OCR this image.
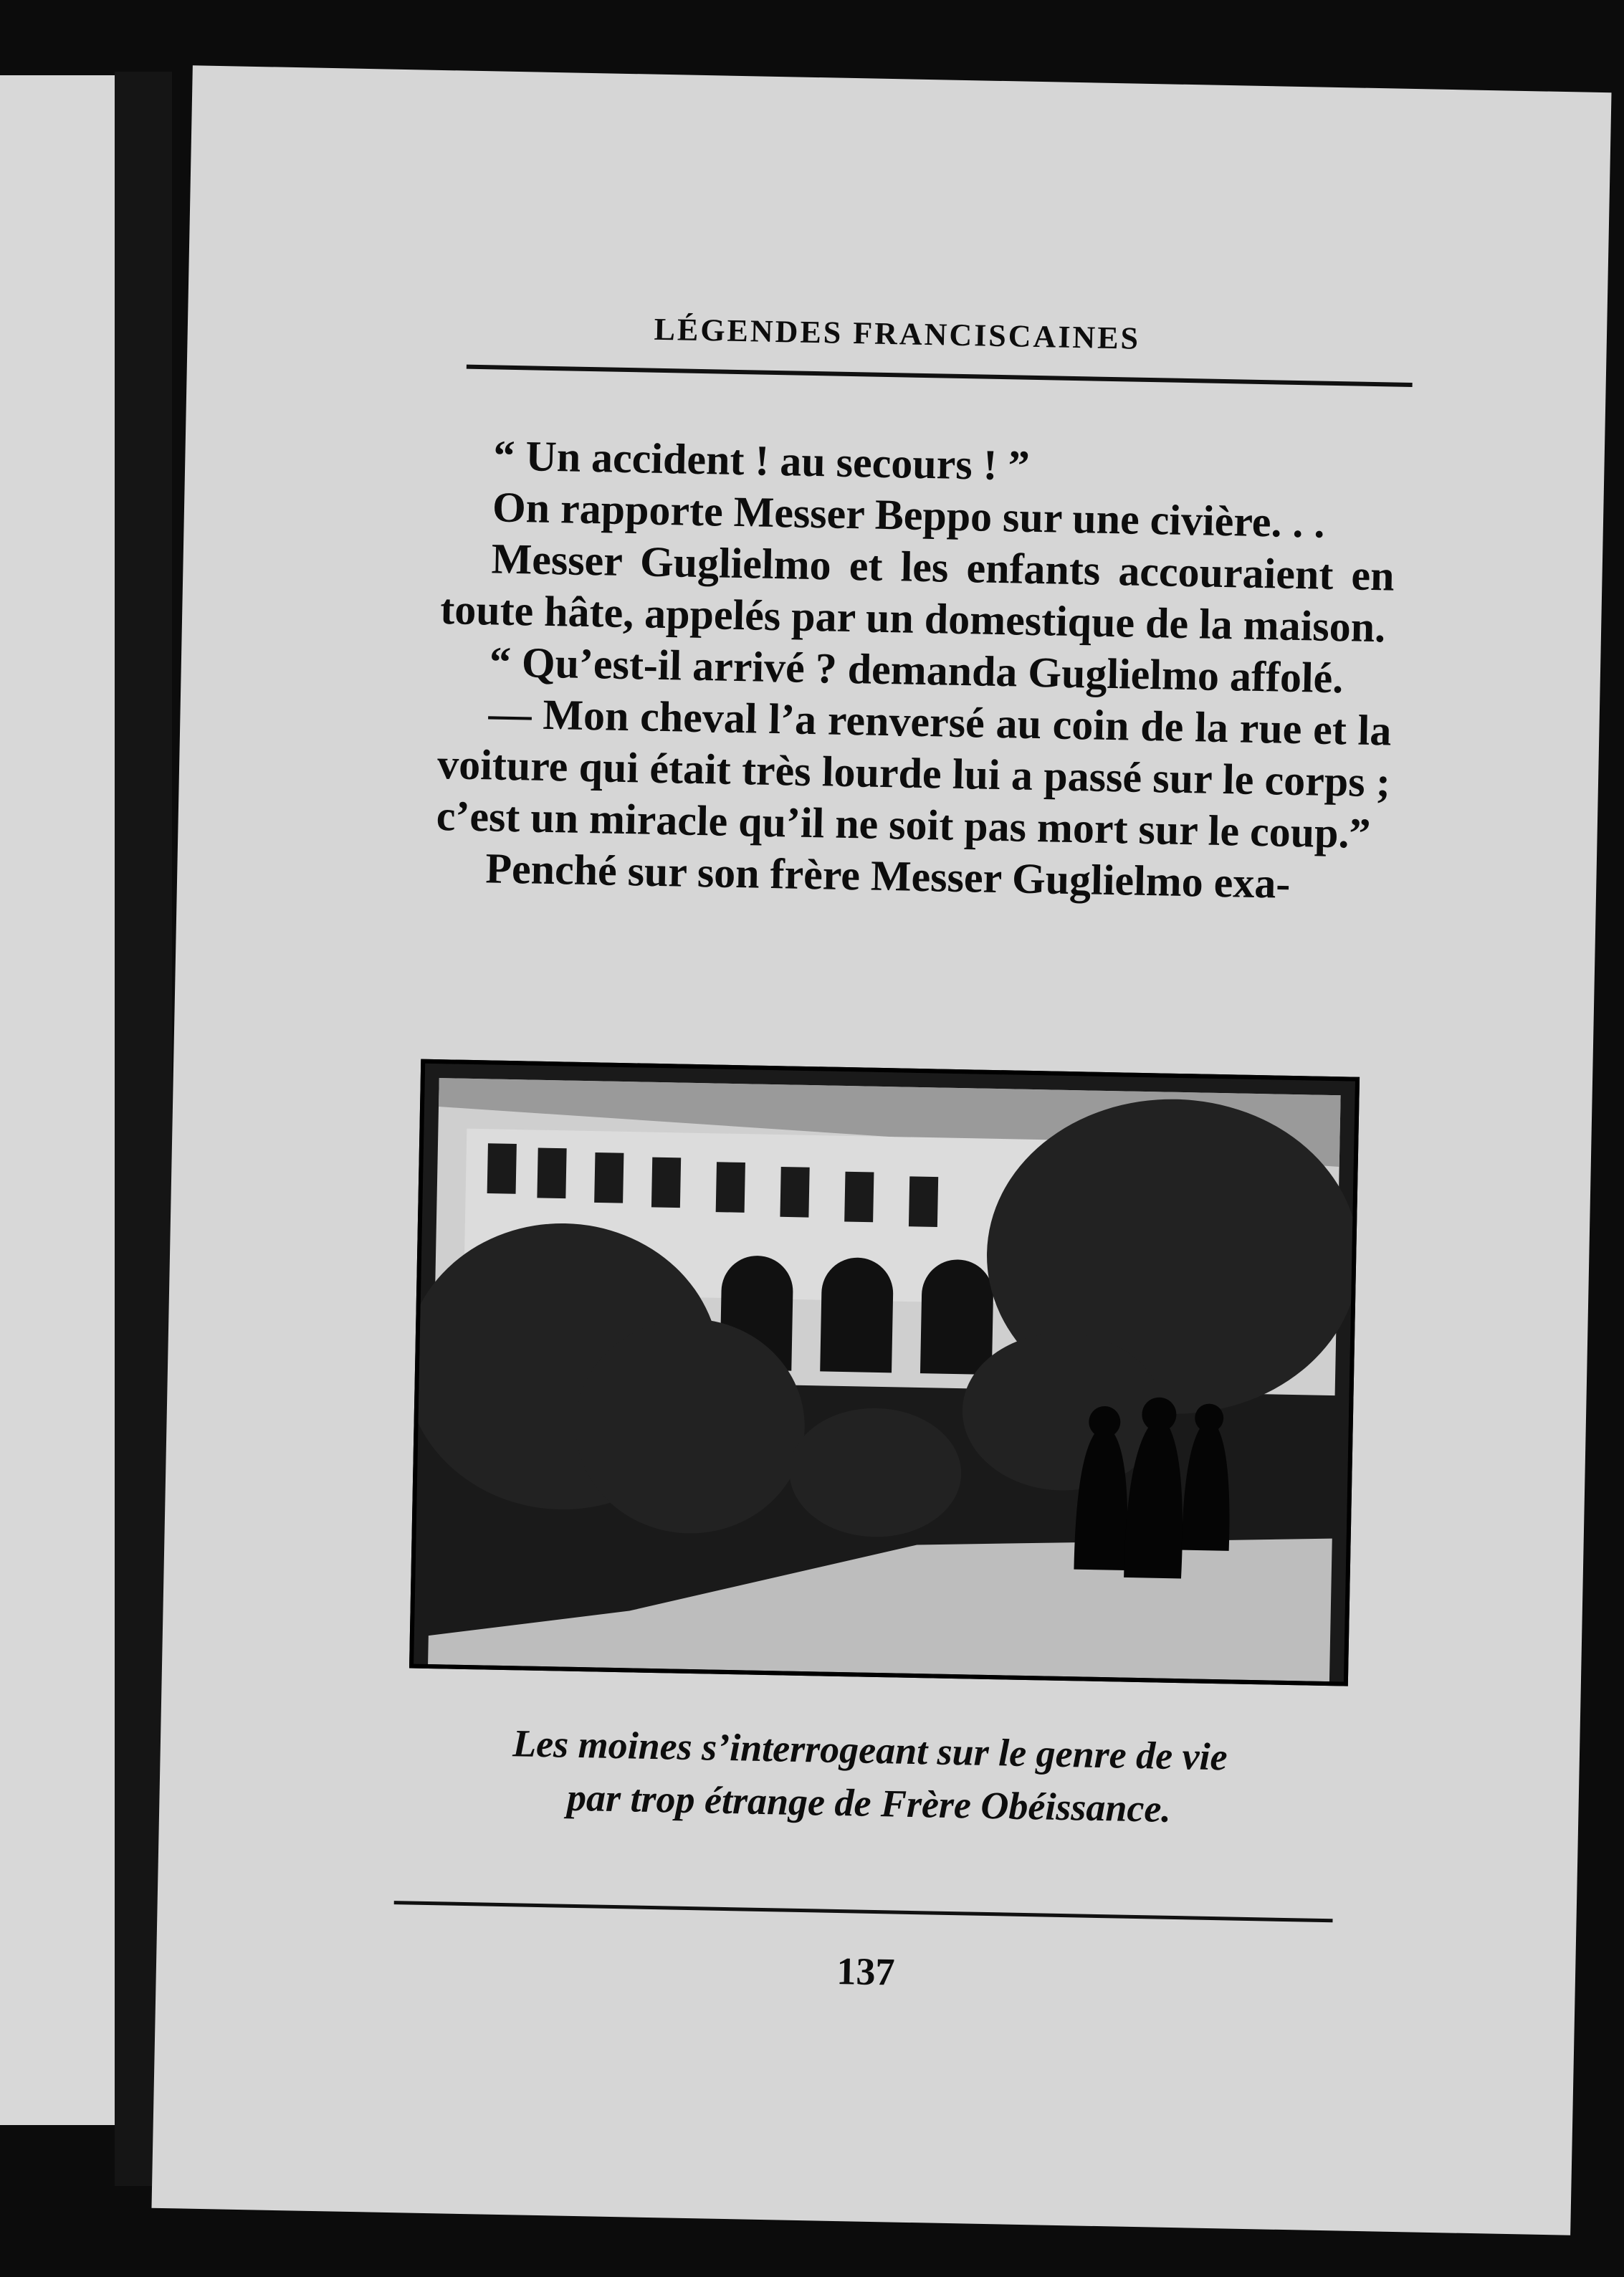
LÉGENDES FRANCISCAINES

“ Un accident ! au secours ! ”

On rapporte Messer Beppo sur une civière. . .

Messer Guglielmo et les enfants accouraient en toute hâte, appelés par un domestique de la maison.

“ Qu’est-il arrivé ? demanda Guglielmo affolé.

— Mon cheval l’a renversé au coin de la rue et la voiture qui était très lourde lui a passé sur le corps ; c’est un miracle qu’il ne soit pas mort sur le coup.”

Penché sur son frère Messer Guglielmo exa-

Les moines s’interrogeant sur le genre de vie
par trop étrange de Frère Obéissance.
137
